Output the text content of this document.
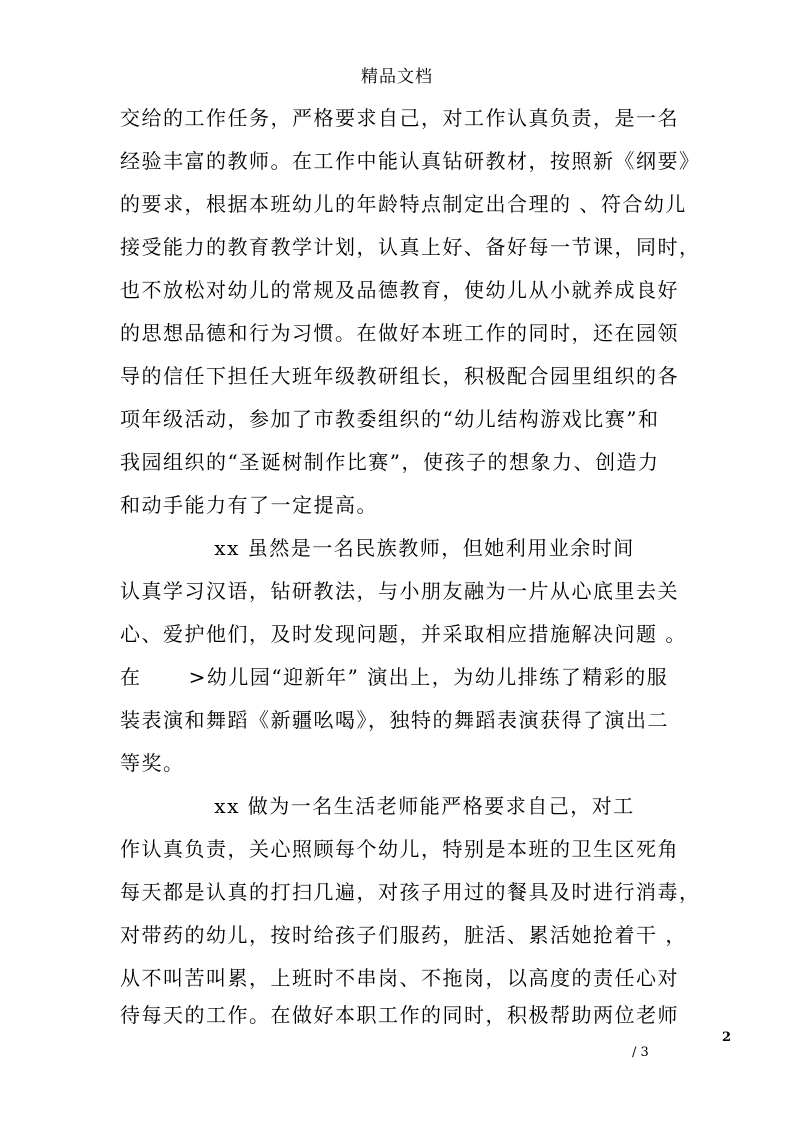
精品文档
交给的工作任务，严格要求自己，对工作认真负责，是一名
经验丰富的教师。在工作中能认真钻研教材，按照新《纲要》
的要求，根据本班幼儿的年龄特点制定出合理的 、符合幼儿
接受能力的教育教学计划，认真上好、备好每一节课，同时，
也不放松对幼儿的常规及品德教育，使幼儿从小就养成良好
的思想品德和行为习惯。在做好本班工作的同时，还在园领
导的信任下担任大班年级教研组长，积极配合园里组织的各
项年级活动，参加了市教委组织的“幼儿结构游戏比赛”和
我园组织的“圣诞树制作比赛”，使孩子的想象力、创造力
和动手能力有了一定提高。
xx 虽然是一名民族教师，但她利用业余时间
认真学习汉语，钻研教法，与小朋友融为一片从心底里去关
心、爱护他们，及时发现问题，并采取相应措施解决问题 。
在      >幼儿园“迎新年” 演出上，为幼儿排练了精彩的服
装表演和舞蹈《新疆吆喝》，独特的舞蹈表演获得了演出二
等奖。
xx 做为一名生活老师能严格要求自己，对工
作认真负责，关心照顾每个幼儿，特别是本班的卫生区死角
每天都是认真的打扫几遍，对孩子用过的餐具及时进行消毒，
对带药的幼儿，按时给孩子们服药，脏活、累活她抢着干 ，
从不叫苦叫累，上班时不串岗、不拖岗，以高度的责任心对
待每天的工作。在做好本职工作的同时，积极帮助两位老师
2
/ 3
